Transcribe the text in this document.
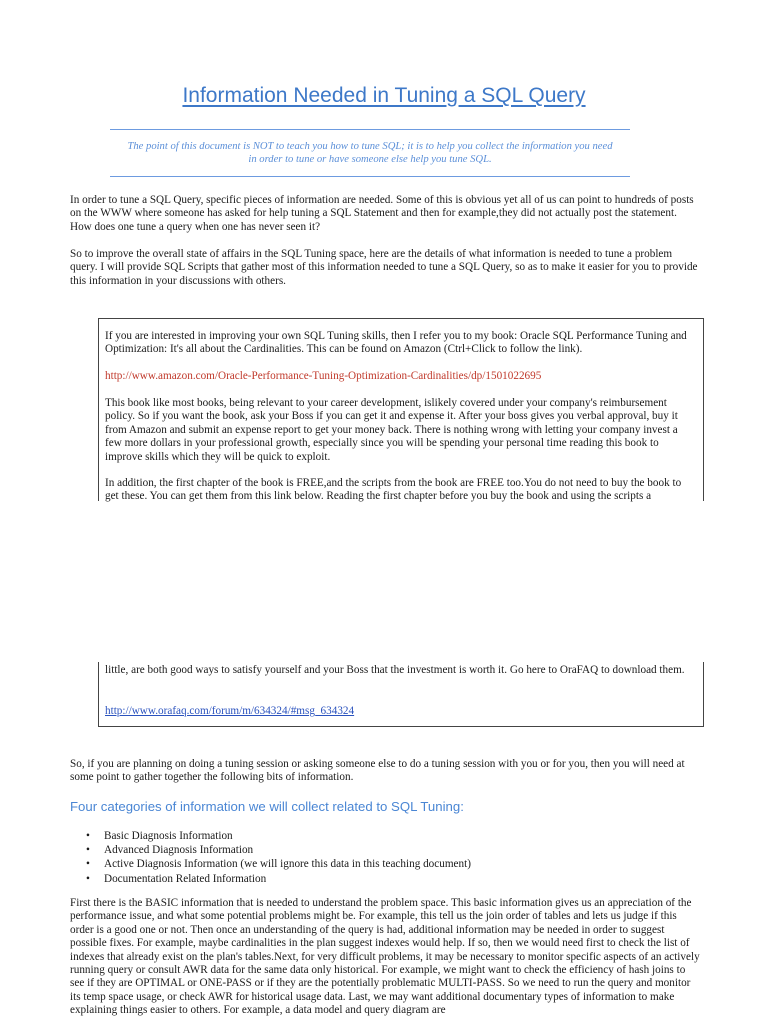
Information Needed in Tuning a SQL Query
The point of this document is NOT to teach you how to tune SQL; it is to help you collect the information you need
in order to tune or have someone else help you tune SQL.

In order to tune a SQL Query, specific pieces of information are needed. Some of this is obvious yet all of us can point to hundreds of posts on the WWW where someone has asked for help tuning a SQL Statement and then for example,they did not actually post the statement. How does one tune a query when one has never seen it?

So to improve the overall state of affairs in the SQL Tuning space, here are the details of what information is needed to tune a problem query. I will provide SQL Scripts that gather most of this information needed to tune a SQL Query, so as to make it easier for you to provide this information in your discussions with others.

If you are interested in improving your own SQL Tuning skills, then I refer you to my book: Oracle SQL Performance Tuning and Optimization: It's all about the Cardinalities. This can be found on Amazon (Ctrl+Click to follow the link).

http://www.amazon.com/Oracle-Performance-Tuning-Optimization-Cardinalities/dp/1501022695

This book like most books, being relevant to your career development, islikely covered under your company's reimbursement policy. So if you want the book, ask your Boss if you can get it and expense it. After your boss gives you verbal approval, buy it from Amazon and submit an expense report to get your money back. There is nothing wrong with letting your company invest a few more dollars in your professional growth, especially since you will be spending your personal time reading this book to improve skills which they will be quick to exploit.

In addition, the first chapter of the book is FREE,and the scripts from the book are FREE too.You do not need to buy the book to get these. You can get them from this link below. Reading the first chapter before you buy the book and using the scripts a

little, are both good ways to satisfy yourself and your Boss that the investment is worth it. Go here to OraFAQ to download them.

http://www.orafaq.com/forum/m/634324/#msg_634324

So, if you are planning on doing a tuning session or asking someone else to do a tuning session with you or for you, then you will need at some point to gather together the following bits of information.

Four categories of information we will collect related to SQL Tuning:
•	Basic Diagnosis Information
•	Advanced Diagnosis Information
•	Active Diagnosis Information (we will ignore this data in this teaching document)
•	Documentation Related Information

First there is the BASIC information that is needed to understand the problem space. This basic information gives us an appreciation of the performance issue, and what some potential problems might be. For example, this tell us the join order of tables and lets us judge if this order is a good one or not. Then once an understanding of the query is had, additional information may be needed in order to suggest possible fixes. For example, maybe cardinalities in the plan suggest indexes would help. If so, then we would need first to check the list of indexes that already exist on the plan's tables.Next, for very difficult problems, it may be necessary to monitor specific aspects of an actively running query or consult AWR data for the same data only historical. For example, we might want to check the efficiency of hash joins to see if they are OPTIMAL or ONE-PASS or if they are the potentially problematic MULTI-PASS. So we need to run the query and monitor its temp space usage, or check AWR for historical usage data. Last, we may want additional documentary types of information to make explaining things easier to others. For example, a data model and query diagram are
